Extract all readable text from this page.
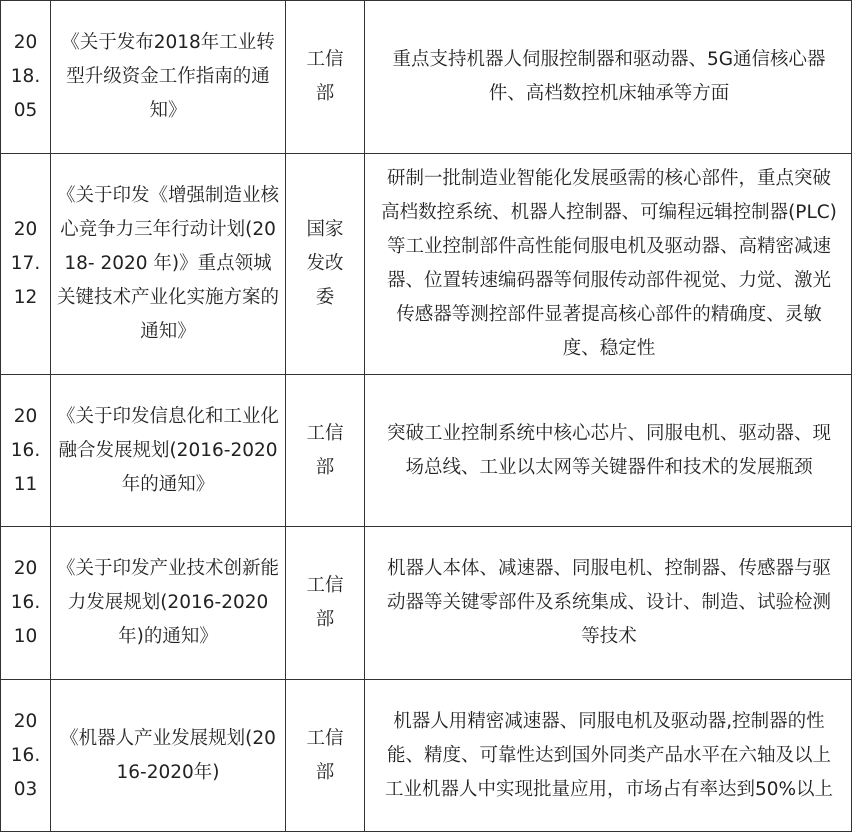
2018.05	《关于发布2018年工业转型升级资金工作指南的通知》	工信部	重点支持机器人伺服控制器和驱动器、5G通信核心器件、高档数控机床轴承等方面

2017.12	《关于印发《增强制造业核心竞争力三年行动计划(2018- 2020 年)》重点领城关键技术产业化实施方案的通知》	国家发改委	研制一批制造业智能化发展亟需的核心部件，重点突破高档数控系统、机器人控制器、可编程远辑控制器(PLC)等工业控制部件高性能伺服电机及驱动器、高精密减速器、位置转速编码器等伺服传动部件视觉、力觉、激光传感器等测控部件显著提高核心部件的精确度、灵敏度、稳定性

2016.11	《关于印发信息化和工业化融合发展规划(2016-2020年的通知》	工信部	突破工业控制系统中核心芯片、同服电机、驱动器、现场总线、工业以太网等关键器件和技术的发展瓶颈

2016.10	《关于印发产业技术创新能力发展规划(2016-2020年)的通知》	工信部	机器人本体、减速器、同服电机、控制器、传感器与驱动器等关键零部件及系统集成、设计、制造、试验检测等技术

2016.03	《机器人产业发展规划(2016-2020年)	工信部	机器人用精密减速器、同服电机及驱动器,控制器的性能、精度、可靠性达到国外同类产品水平在六轴及以上工业机器人中实现批量应用，市场占有率达到50%以上
